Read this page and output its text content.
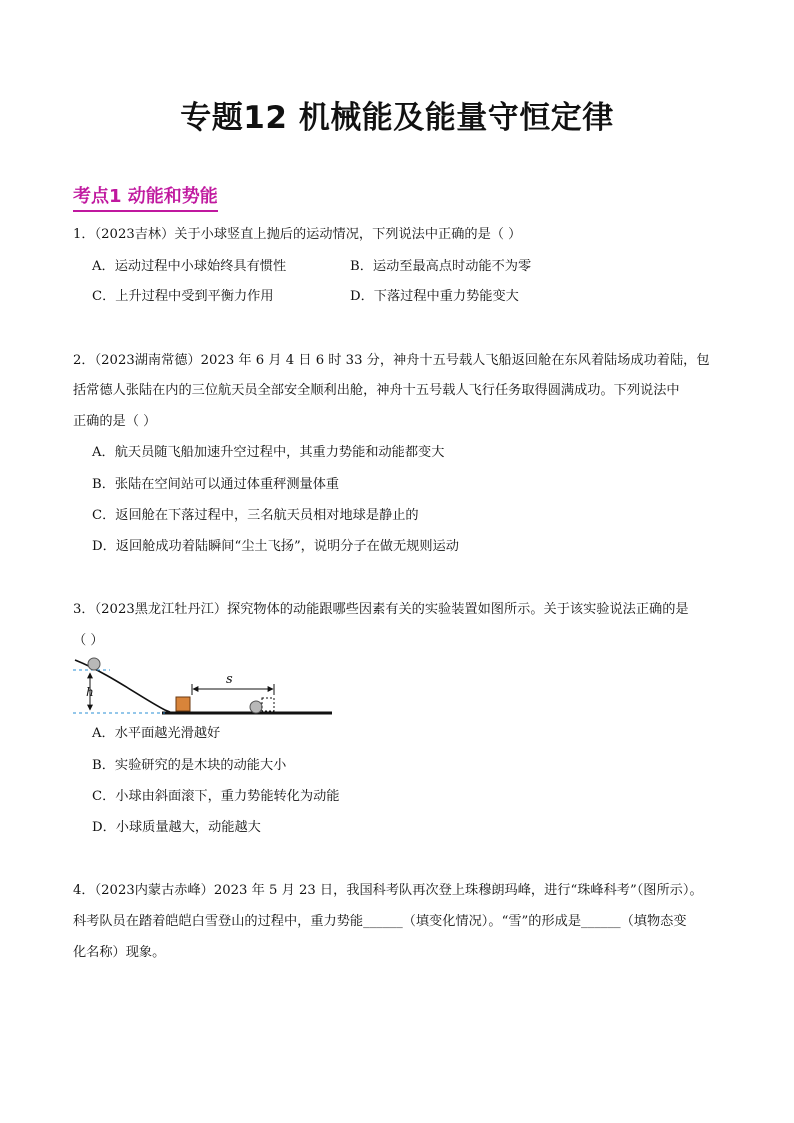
专题12 机械能及能量守恒定律
考点1 动能和势能
1．（2023吉林）关于小球竖直上抛后的运动情况，下列说法中正确的是（ ）
A．运动过程中小球始终具有惯性	B．运动至最高点时动能不为零
C．上升过程中受到平衡力作用	D．下落过程中重力势能变大
2．（2023湖南常德）2023 年 6 月 4 日 6 时 33 分，神舟十五号载人飞船返回舱在东风着陆场成功着陆，包
括常德人张陆在内的三位航天员全部安全顺利出舱，神舟十五号载人飞行任务取得圆满成功。下列说法中
正确的是（ ）
A．航天员随飞船加速升空过程中，其重力势能和动能都变大
B．张陆在空间站可以通过体重秤测量体重
C．返回舱在下落过程中，三名航天员相对地球是静止的
D．返回舱成功着陆瞬间“尘土飞扬”，说明分子在做无规则运动
3．（2023黑龙江牡丹江）探究物体的动能跟哪些因素有关的实验装置如图所示。关于该实验说法正确的是
（ ）
h
s
A．水平面越光滑越好
B．实验研究的是木块的动能大小
C．小球由斜面滚下，重力势能转化为动能
D．小球质量越大，动能越大
4．（2023内蒙古赤峰）2023 年 5 月 23 日，我国科考队再次登上珠穆朗玛峰，进行“珠峰科考”（图所示）。
科考队员在踏着皑皑白雪登山的过程中，重力势能______（填变化情况）。“雪”的形成是______（填物态变
化名称）现象。
